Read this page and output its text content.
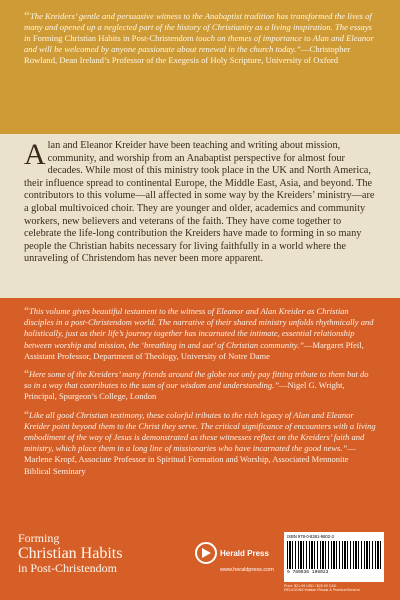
“The Kreiders’ gentle and persuasive witness to the Anabaptist tradition has transformed the lives of many and opened up a neglected part of the history of Christianity as a living inspiration. The essays in Forming Christian Habits in Post-Christendom touch on themes of importance to Alan and Eleanor and will be welcomed by anyone passionate about renewal in the church today.”—Christopher Rowland, Dean Ireland’s Professor of the Exegesis of Holy Scripture, University of Oxford

Alan and Eleanor Kreider have been teaching and writing about mission, community, and worship from an Anabaptist perspective for almost four decades. While most of this ministry took place in the UK and North America, their influence spread to continental Europe, the Middle East, Asia, and beyond. The contributors to this volume—all affected in some way by the Kreiders’ ministry—are a global multivoiced choir. They are younger and older, academics and community workers, new believers and veterans of the faith. They have come together to celebrate the life-long contribution the Kreiders have made to forming in so many people the Christian habits necessary for living faithfully in a world where the unraveling of Christendom has never been more apparent.

“This volume gives beautiful testament to the witness of Eleanor and Alan Kreider as Christian disciples in a post-Christendom world. The narrative of their shared ministry unfolds rhythmically and holistically, just as their life’s journey together has incarnated the intimate, essential relationship between worship and mission, the ‘breathing in and out’ of Christian community.”—Margaret Pfeil, Assistant Professor, Department of Theology, University of Notre Dame

“Here some of the Kreiders’ many friends around the globe not only pay fitting tribute to them but do so in a way that contributes to the sum of our wisdom and understanding.”—Nigel G. Wright, Principal, Spurgeon’s College, London

“Like all good Christian testimony, these colorful tributes to the rich legacy of Alan and Eleanor Kreider point beyond them to the Christ they serve. The critical significance of encounters with a living embodiment of the way of Jesus is demonstrated as these witnesses reflect on the Kreiders’ faith and ministry, which place them in a long line of missionaries who have incarnated the good news.”—Marlene Kropf, Associate Professor in Spiritual Formation and Worship, Associated Mennonite Biblical Seminary

Forming
Christian Habits
in Post-Christendom
Herald Press
www.heraldpress.com
ISBN 978-0-8361-9602-3
9 780836 196023
Price: $21.99 USD / $25.99 CAD
RELIGION/Christian Rituals & Practice/General
